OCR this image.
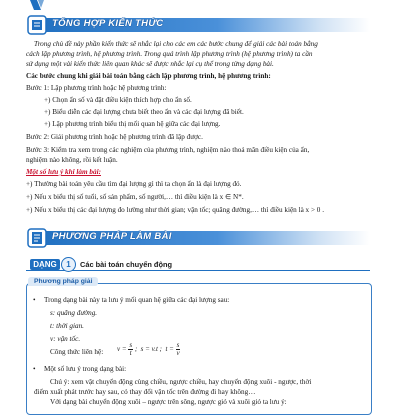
TỔNG HỢP KIẾN THỨC
Trong chủ đề này phần kiến thức sẽ nhắc lại cho các em các bước chung để giải các bài toán bằng
cách lập phương trình, hệ phương trình. Trong quá trình lập phương trình (hệ phương trình) ta cần
sử dụng một vài kiến thức liên quan khác sẽ được nhắc lại cụ thể trong từng dạng bài.
Các bước chung khi giải bài toán bằng cách lập phương trình, hệ phương trình:
Bước 1: Lập phương trình hoặc hệ phương trình:
+) Chọn ẩn số và đặt điều kiện thích hợp cho ẩn số.
+) Biểu diễn các đại lượng chưa biết theo ẩn và các đại lượng đã biết.
+) Lập phương trình biểu thị mối quan hệ giữa các đại lượng.
Bước 2: Giải phương trình hoặc hệ phương trình đã lập được.
Bước 3: Kiểm tra xem trong các nghiệm của phương trình, nghiệm nào thoả mãn điều kiện của ẩn,
nghiệm nào không, rồi kết luận.
Một số lưu ý khi làm bài:
+) Thường bài toán yêu cầu tìm đại lượng gì thì ta chọn ẩn là đại lượng đó.
+) Nếu x biểu thị số tuổi, số sản phẩm, số người,… thì điều kiện là x ∈ N*.
+) Nếu x biểu thị các đại lượng đo lường như thời gian; vận tốc; quãng đường,… thì điều kiện là x > 0 .
PHƯƠNG PHÁP LÀM BÀI
DẠNG	1	Các bài toán chuyển động
Phương pháp giải
• Trong dạng bài này ta lưu ý mối quan hệ giữa các đại lượng sau:
s: quãng đường.
t: thời gian.
v: vận tốc.
Công thức liên hệ: $v = \frac{s}{t}$ ;  s = v.t ;  $t = \frac{s}{v}$
• Một số lưu ý trong dạng bài:
Chú ý: xem vật chuyển động cùng chiều, ngược chiều, hay chuyển động xuôi - ngược, thời
điểm xuất phát trước hay sau, có thay đổi vận tốc trên đường đi hay không…
Với dạng bài chuyển động xuôi – ngược trên sông, ngược gió và xuôi gió ta lưu ý:
